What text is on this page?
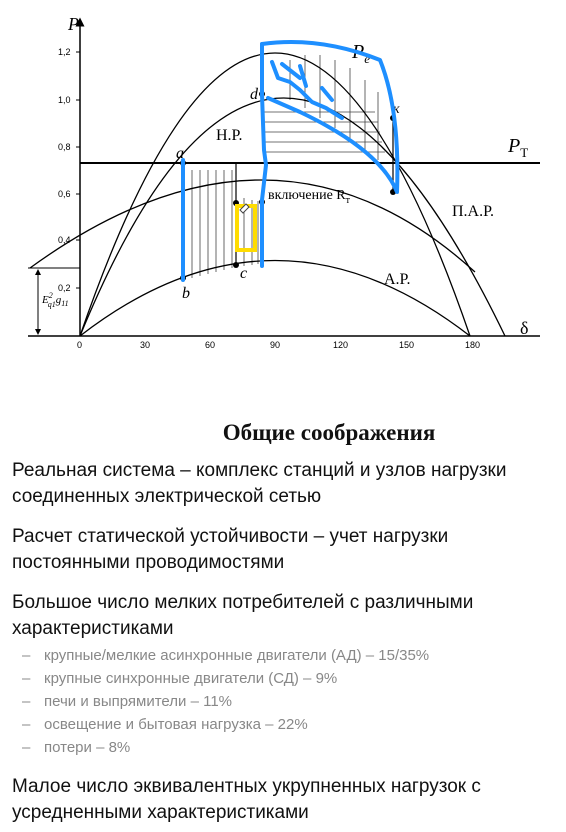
P
δ
0,2
0,4
0,6
0,8
1,0
1,2
0	30	60	90	120	150	180
$P_e$
$P_Т$
Н.Р.
П.А.Р.
А.Р.
включение $R_т$
$E^2$ $q1g_{11}$
a
b
c
d
к
Общие соображения
Реальная система – комплекс станций и узлов нагрузки соединенных электрической сетью
Расчет статической устойчивости – учет нагрузки постоянными проводимостями
Большое число мелких потребителей с различными характеристиками
– крупные/мелкие асинхронные двигатели (АД) – 15/35%
– крупные синхронные двигатели (СД) – 9%
– печи и выпрямители – 11%
– освещение и бытовая нагрузка – 22%
– потери – 8%
Малое число эквивалентных укрупненных нагрузок с усредненными характеристиками
